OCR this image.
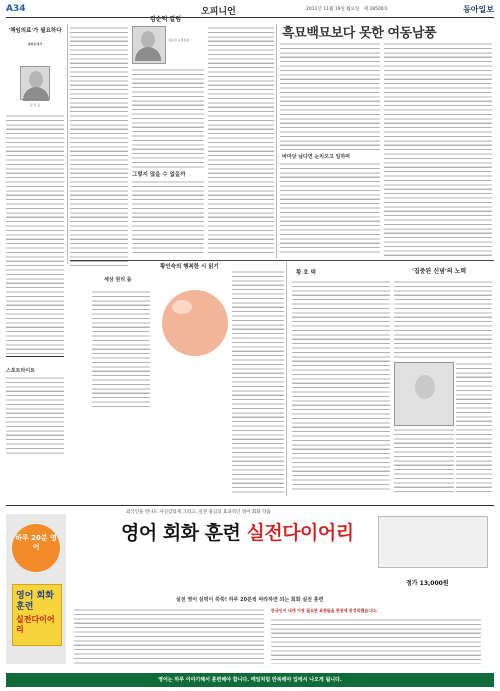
A34	오피니언	2012년 11월 19일 월요일 제 28500호	동아일보
'책임의료'가 필요하다
광화문에서
김 신 중
스포트라이트
김순덕 칼럼
김순덕 논설실장
그렇지 않을 수 없을까
흑묘백묘보다 못한 여동남풍
바마당 남다면 눈치오고 일하며
황인숙의 행복한 시 읽기
세상 원리 돌
황 호 택	'집중된 신념'의 노력
외국인을 만나도 자신감있게 그리고, 실전 중심의 효과적인 영어 회화 학습
하루 20분 영어
영어 회화 훈련
실전다이어리
영어 회화 훈련 실전다이어리
실전 영어 실력이 쑥쑥! 하루 20분씩 따라하면 되는 회화 실전 훈련
한국인이 내게 가장 필요한 표현들을 한권에 총정리했습니다.
정가 13,000원
영어는 하루 이야기해서 훈련해야 합니다. 매일처럼 반복해야 입에서 나오게 됩니다.
